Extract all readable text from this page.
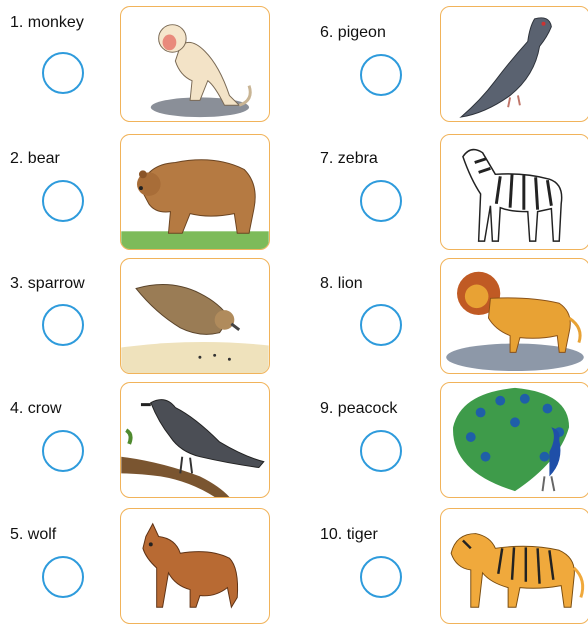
1. monkey
2. bear
3. sparrow
4. crow
5. wolf
6. pigeon
7. zebra
8. lion
9. peacock
10. tiger
